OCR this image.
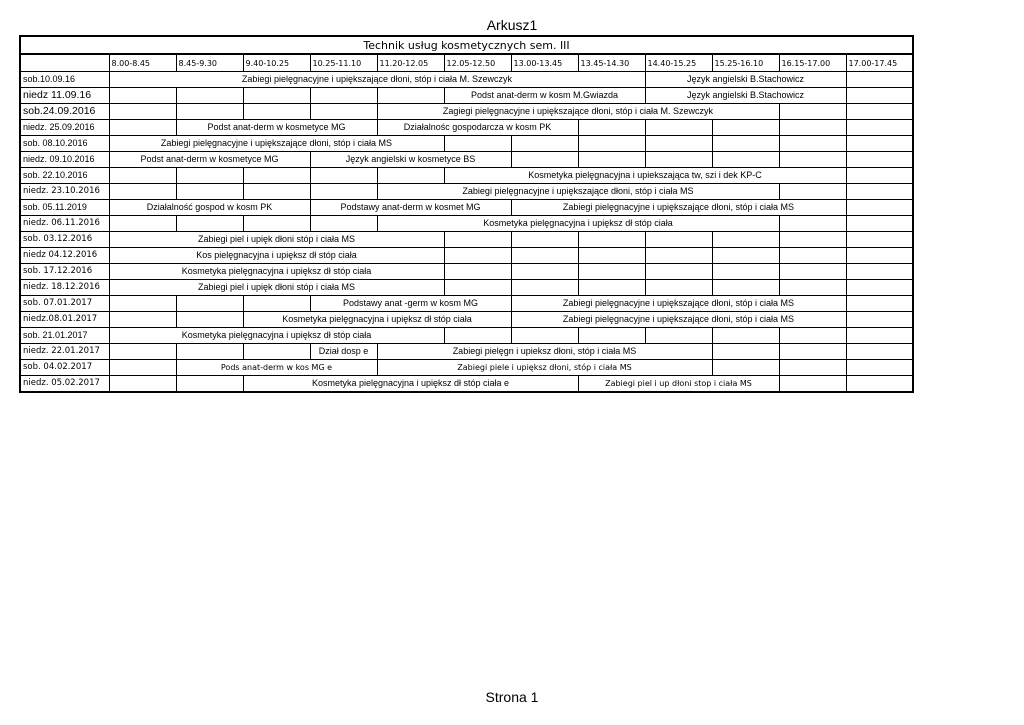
Arkusz1
Technik usług kosmetycznych sem. III												
	8.00-8.45	8.45-9.30	9.40-10.25	10.25-11.10	11.20-12.05	12.05-12.50	13.00-13.45	13.45-14.30	14.40-15.25	15.25-16.10	16.15-17.00	17.00-17.45
sob.10.09.16	Zabiegi pielęgnacyjne i upiększające dłoni, stóp i ciała M. Szewczyk								Język angielski B.Stachowicz			
niedz 11.09.16						Podst anat-derm w kosm M.Gwiazda			Język angielski B.Stachowicz			
sob.24.09.2016					Zagiegi pielęgnacyjne i upiększające dłoni, stóp i ciała M. Szewczyk							
niedz. 25.09.2016		Podst anat-derm w kosmetyce MG			Działalnośc gospodarcza w kosm PK							
sob. 08.10.2016	Zabiegi pielęgnacyjne i upiększające dłoni, stóp i ciała MS											
niedz. 09.10.2016	Podst anat-derm w kosmetyce MG			Język angielski w kosmetyce BS								
sob. 22.10.2016						Kosmetyka pielęgnacyjna i upiekszająca tw, szi i dek KP-C						
niedz. 23.10.2016					Zabiegi pielęgnacyjne i upiększające dłoni, stóp i ciała MS							
sob. 05.11.2019	Działalność gospod w kosm PK			Podstawy anat-derm w kosmet MG			Zabiegi pielęgnacyjne i upiększające dłoni, stóp i ciała MS					
niedz. 06.11.2016					Kosmetyka pielęgnacyjna i upiększ dł stóp ciała							
sob. 03.12.2016	Zabiegi piel i upięk dłoni stóp i ciała MS											
niedz 04.12.2016	Kos pielęgnacyjna i upiększ dł stóp ciała											
sob. 17.12.2016	Kosmetyka pielęgnacyjna i upiększ dł stóp ciała											
niedz. 18.12.2016	Zabiegi piel i upięk dłoni stóp i ciała MS											
sob. 07.01.2017				Podstawy anat -germ w kosm MG			Zabiegi pielęgnacyjne i upiększające dłoni, stóp i ciała MS					
niedz.08.01.2017			Kosmetyka pielęgnacyjna i upiększ dł stóp ciała				Zabiegi pielęgnacyjne i upiększające dłoni, stóp i ciała MS					
sob. 21.01.2017	Kosmetyka pielęgnacyjna i upiększ dł stóp ciała											
niedz. 22.01.2017				Dział dosp e	Zabiegi pielęgn i upieksz dłoni, stóp i ciała MS							
sob. 04.02.2017		Pods anat-derm w kos MG e			Zabiegi piele i upiększ dłoni, stóp i ciała MS							
niedz. 05.02.2017			Kosmetyka pielęgnacyjna i upiększ dł stóp ciała e					Zabiegi piel i up dłoni stop i ciała MS				
Strona 1
